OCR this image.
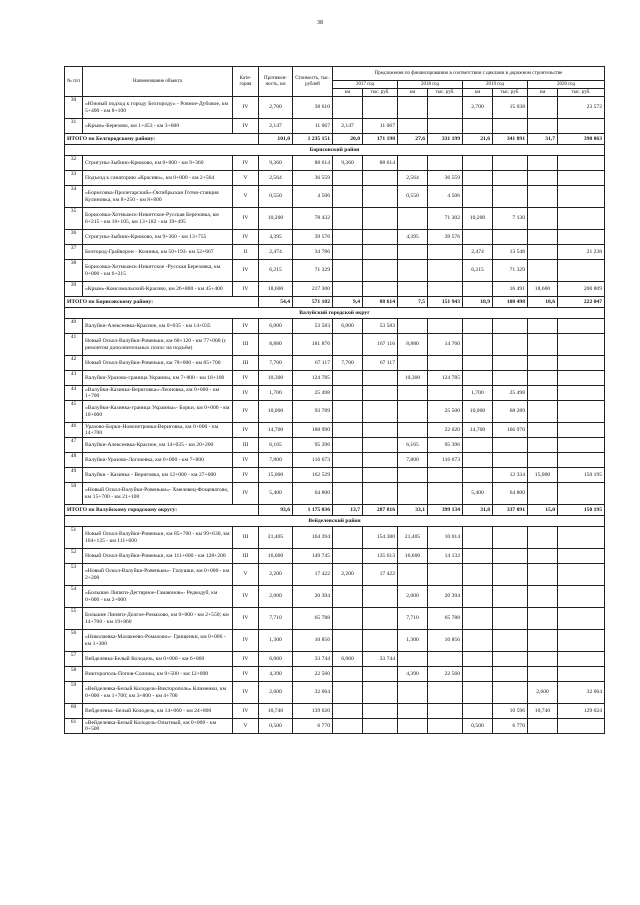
38
№ п/п	Наименование объекта	Кате-гория	Протяжен-ность, км	Стоимость, тыс. рублей	Предложения по финансированию в соответствии с циклами в дорожном строительстве							
					2017 год		2018 год		2019 год		2020 год	
					км	тыс. руб.	км	тыс. руб.	км	тыс. руб.	км	тыс. руб.
30	«Южный подход к городу Белгороду» - Ровное-Дубовое, км 5+400 - км 8+100	IV	2,700	38 610					2,700	15 038		23 572
31	«Крым»-Березово, км 1+453 - км 3+600	IV	2,147	11 067	2,147	11 067						
ИТОГО по Белгородскому району:			101,0	1 235 151	20,0	171 198	27,6	331 199	21,6	341 891	31,7	390 863
Борисовский район												
32	Стригуны-Зыбино-Крюково, км 0+000 - км 9+360	IV	9,360	88 614	9,360	88 614						
33	Подъезд к санаторию «Красиво», км 0+000 - км 2+564	V	2,564	36 559			2,564	36 559				
34	«Борисовка-Пролетарский»-Октябрьская Готня-станция Кулиновка, км 8+250 - км 8+800	V	0,550	4 506			0,550	4 506				
35	Борисовка-Хотмыжск-Никитское-Русская Березовка, км 6+215 - км 10+105, км 13+182 - км 19+495	IV	10,200	78 432				71 302	10,200	7 130		
36	Стригуны-Зыбино-Крюково, км 9+360 - км 13+755	IV	4,395	39 576			4,395	39 576				
37	Белгород-Грайворон - Козинка, км 50+193- км 52+667	II	2,474	34 786					2,474	13 548		21 238
38	Борисовка-Хотмыжск-Никитское -Русская Березовка, км 0+000 - км 6+215	IV	6,215	71 329					6,215	71 329		
39	«Крым»-Комсомольский-Красиво, км 26+800 - км 45+400	IV	18,600	217 300						16 491	18,600	200 809
ИТОГО по Борисовскому району:			54,4	571 102	9,4	88 614	7,5	151 943	18,9	108 498	18,6	222 047
Валуйский городской округ												
40	Валуйки-Алексеевка-Красное, км 0+035 - км 14+035	IV	6,000	53 583	6,000	53 583						
41	Новый Оскол-Валуйки-Ровеньки, км 68+120 - км 77+000 (с ремонтом дополнительных полос на подъём)	III	8,880	181 876		167 116	8,880	14 760				
42	Новый Оскол-Валуйки-Ровеньки, км 78+000 - км 85+700	III	7,700	67 117	7,700	67 117						
43	Валуйки-Уразово-граница Украины, км 7+800 - км 18+100	IV	10,300	124 785			10,300	124 785				
44	«Валуйки-Казинка-Вериговка»-Леоновка, км 0+000 - км 1+700	IV	1,700	25 498					1,700	25 498		
45	«Валуйки-Казинка-граница Украины»- Борки, км 0+000 - км 10+000	IV	10,000	93 789				25 500	10,000	68 289		
46	Уразово-Борки-Новопетровка-Вериговка, км 0+000 - км 14+700	IV	14,700	188 990				22 020	14,700	166 970		
47	Валуйки-Алексеевка-Красное, км 14+035 - км 20+200	III	6,165	95 396			6,165	95 396				
48	Валуйки-Уразово-Логачевка, км 0+000 - км 7+800	IV	7,800	116 673			7,800	116 673				
49	Валуйки - Казинка - Вериговка, км 12+000 - км 27+000	IV	15,000	162 529						12 334	15,000	150 195
50	«Новый Оскол-Валуйки-Ровеньки»- Хмелевец-Фощеватово, км 15+700 - км 21+100	IV	5,400	64 800					5,400	64 800		
ИТОГО по Валуйскому городскому округу:			93,6	1 175 036	13,7	287 816	33,1	399 134	31,8	337 891	15,0	150 195
Вейделевский район												
51	Новый Оскол-Валуйки-Ровеньки, км 85+700 - км 99+630, км 104+125 - км 111+600	III	21,405	164 394		154 380	21,405	10 014				
52	Новый Оскол-Валуйки-Ровеньки, км 111+600 - км 128+200	III	16,600	149 745		135 613	16,600	14 132				
53	«Новый Оскол-Валуйки-Ровеньки»- Галушки, км 0+000 - км 2+200	V	2,200	17 422	2,200	17 422						
54	«Большие Липяги-Дегтярное-Гамаюнов»- Редкодуб, км 0+000 - км 2+000	IV	2,000	20 394			2,000	20 394				
55	Большие Липяги-Долгое-Ромахово, км 0+000 - км 2+550; км 14+700 - км 19+860	IV	7,710	65 788			7,710	65 788				
56	«Николаевка-Малакеево-Ромахово»- Грищенки, км 0+000 - км 1+300	IV	1,300	10 856			1,300	10 856				
57	Вейделевка-Белый Колодезь, км 0+000 - км 6+060	IV	6,060	33 744	6,060	33 744						
58	Викторополь-Попов-Солоны, км 8+500 - км 12+890	IV	4,390	22 560			4,390	22 560				
59	«Вейделевка-Белый Колодезь-Викторополь» Клименки, км 0+000 - км 1+700; км 3+800 - км 4+700	IV	2,600	32 064							2,600	32 064
60	Вейделевка -Белый Колодезь, км 14+060 - км 24+800	IV	10,740	139 620						10 596	10,740	129 024
61	«Вейделевка-Белый Колодезь-Опытный, км 0+000 - км 0+500	V	0,500	6 770					0,500	6 770		
